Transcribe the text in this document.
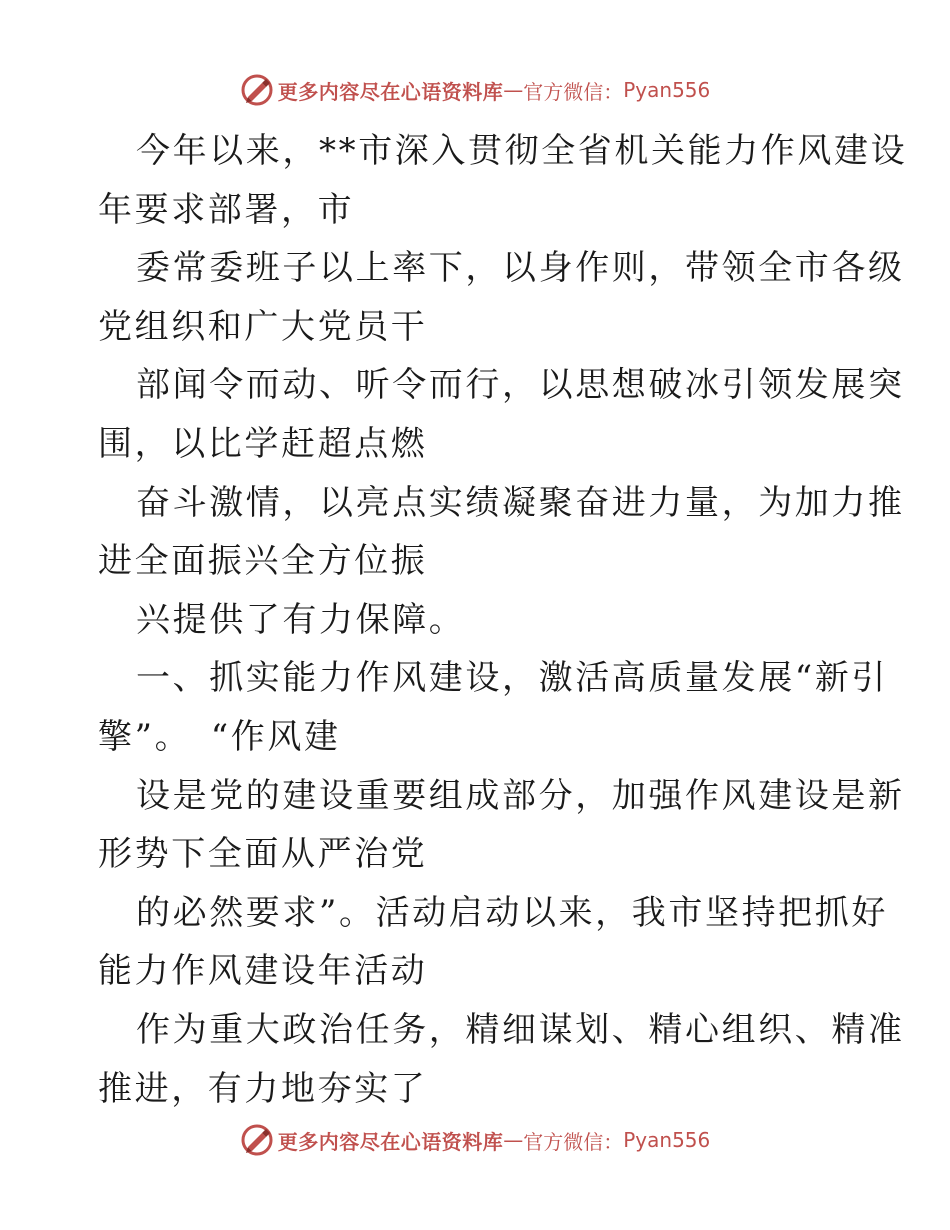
更多内容尽在心语资料库 — 官方微信： Pyan556
今年以来，**市深入贯彻全省机关能力作风建设
年要求部署，市
委常委班子以上率下，以身作则，带领全市各级
党组织和广大党员干
部闻令而动、听令而行，以思想破冰引领发展突
围，以比学赶超点燃
奋斗激情，以亮点实绩凝聚奋进力量，为加力推
进全面振兴全方位振
兴提供了有力保障。
一、抓实能力作风建设，激活高质量发展“新引
擎”。　“作风建
设是党的建设重要组成部分，加强作风建设是新
形势下全面从严治党
的必然要求”。活动启动以来，我市坚持把抓好
能力作风建设年活动
作为重大政治任务，精细谋划、精心组织、精准
推进，有力地夯实了
更多内容尽在心语资料库 — 官方微信： Pyan556
